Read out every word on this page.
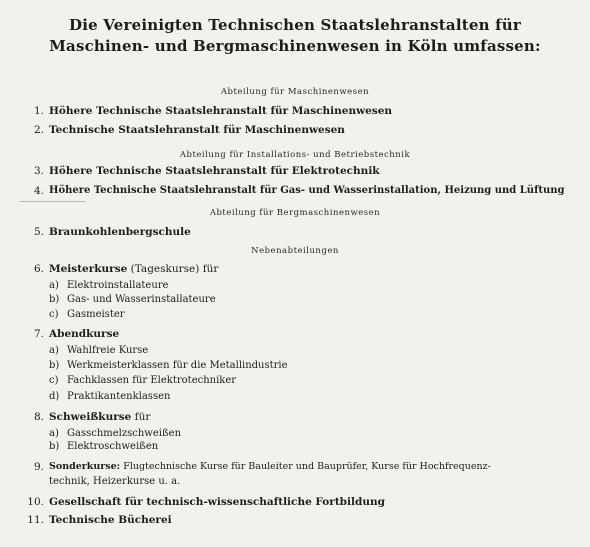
Die Vereinigten Technischen Staatslehranstalten für
Maschinen- und Bergmaschinenwesen in Köln umfassen:
Abteilung für Maschinenwesen
1. Höhere Technische Staatslehranstalt für Maschinenwesen
2. Technische Staatslehranstalt für Maschinenwesen
Abteilung für Installations- und Betriebstechnik
3. Höhere Technische Staatslehranstalt für Elektrotechnik
4. Höhere Technische Staatslehranstalt für Gas- und Wasserinstallation, Heizung und Lüftung
Abteilung für Bergmaschinenwesen
5. Braunkohlenbergschule
Nebenabteilungen
6. Meisterkurse (Tageskurse) für
a) Elektroinstallateure
b) Gas- und Wasserinstallateure
c) Gasmeister
7. Abendkurse
a) Wahlfreie Kurse
b) Werkmeisterklassen für die Metallindustrie
c) Fachklassen für Elektrotechniker
d) Praktikantenklassen
8. Schweißkurse für
a) Gasschmelzschweißen
b) Elektroschweißen
9. Sonderkurse: Flugtechnische Kurse für Bauleiter und Bauprüfer, Kurse für Hochfrequenz-
technik, Heizerkurse u. a.
10. Gesellschaft für technisch-wissenschaftliche Fortbildung
11. Technische Bücherei
